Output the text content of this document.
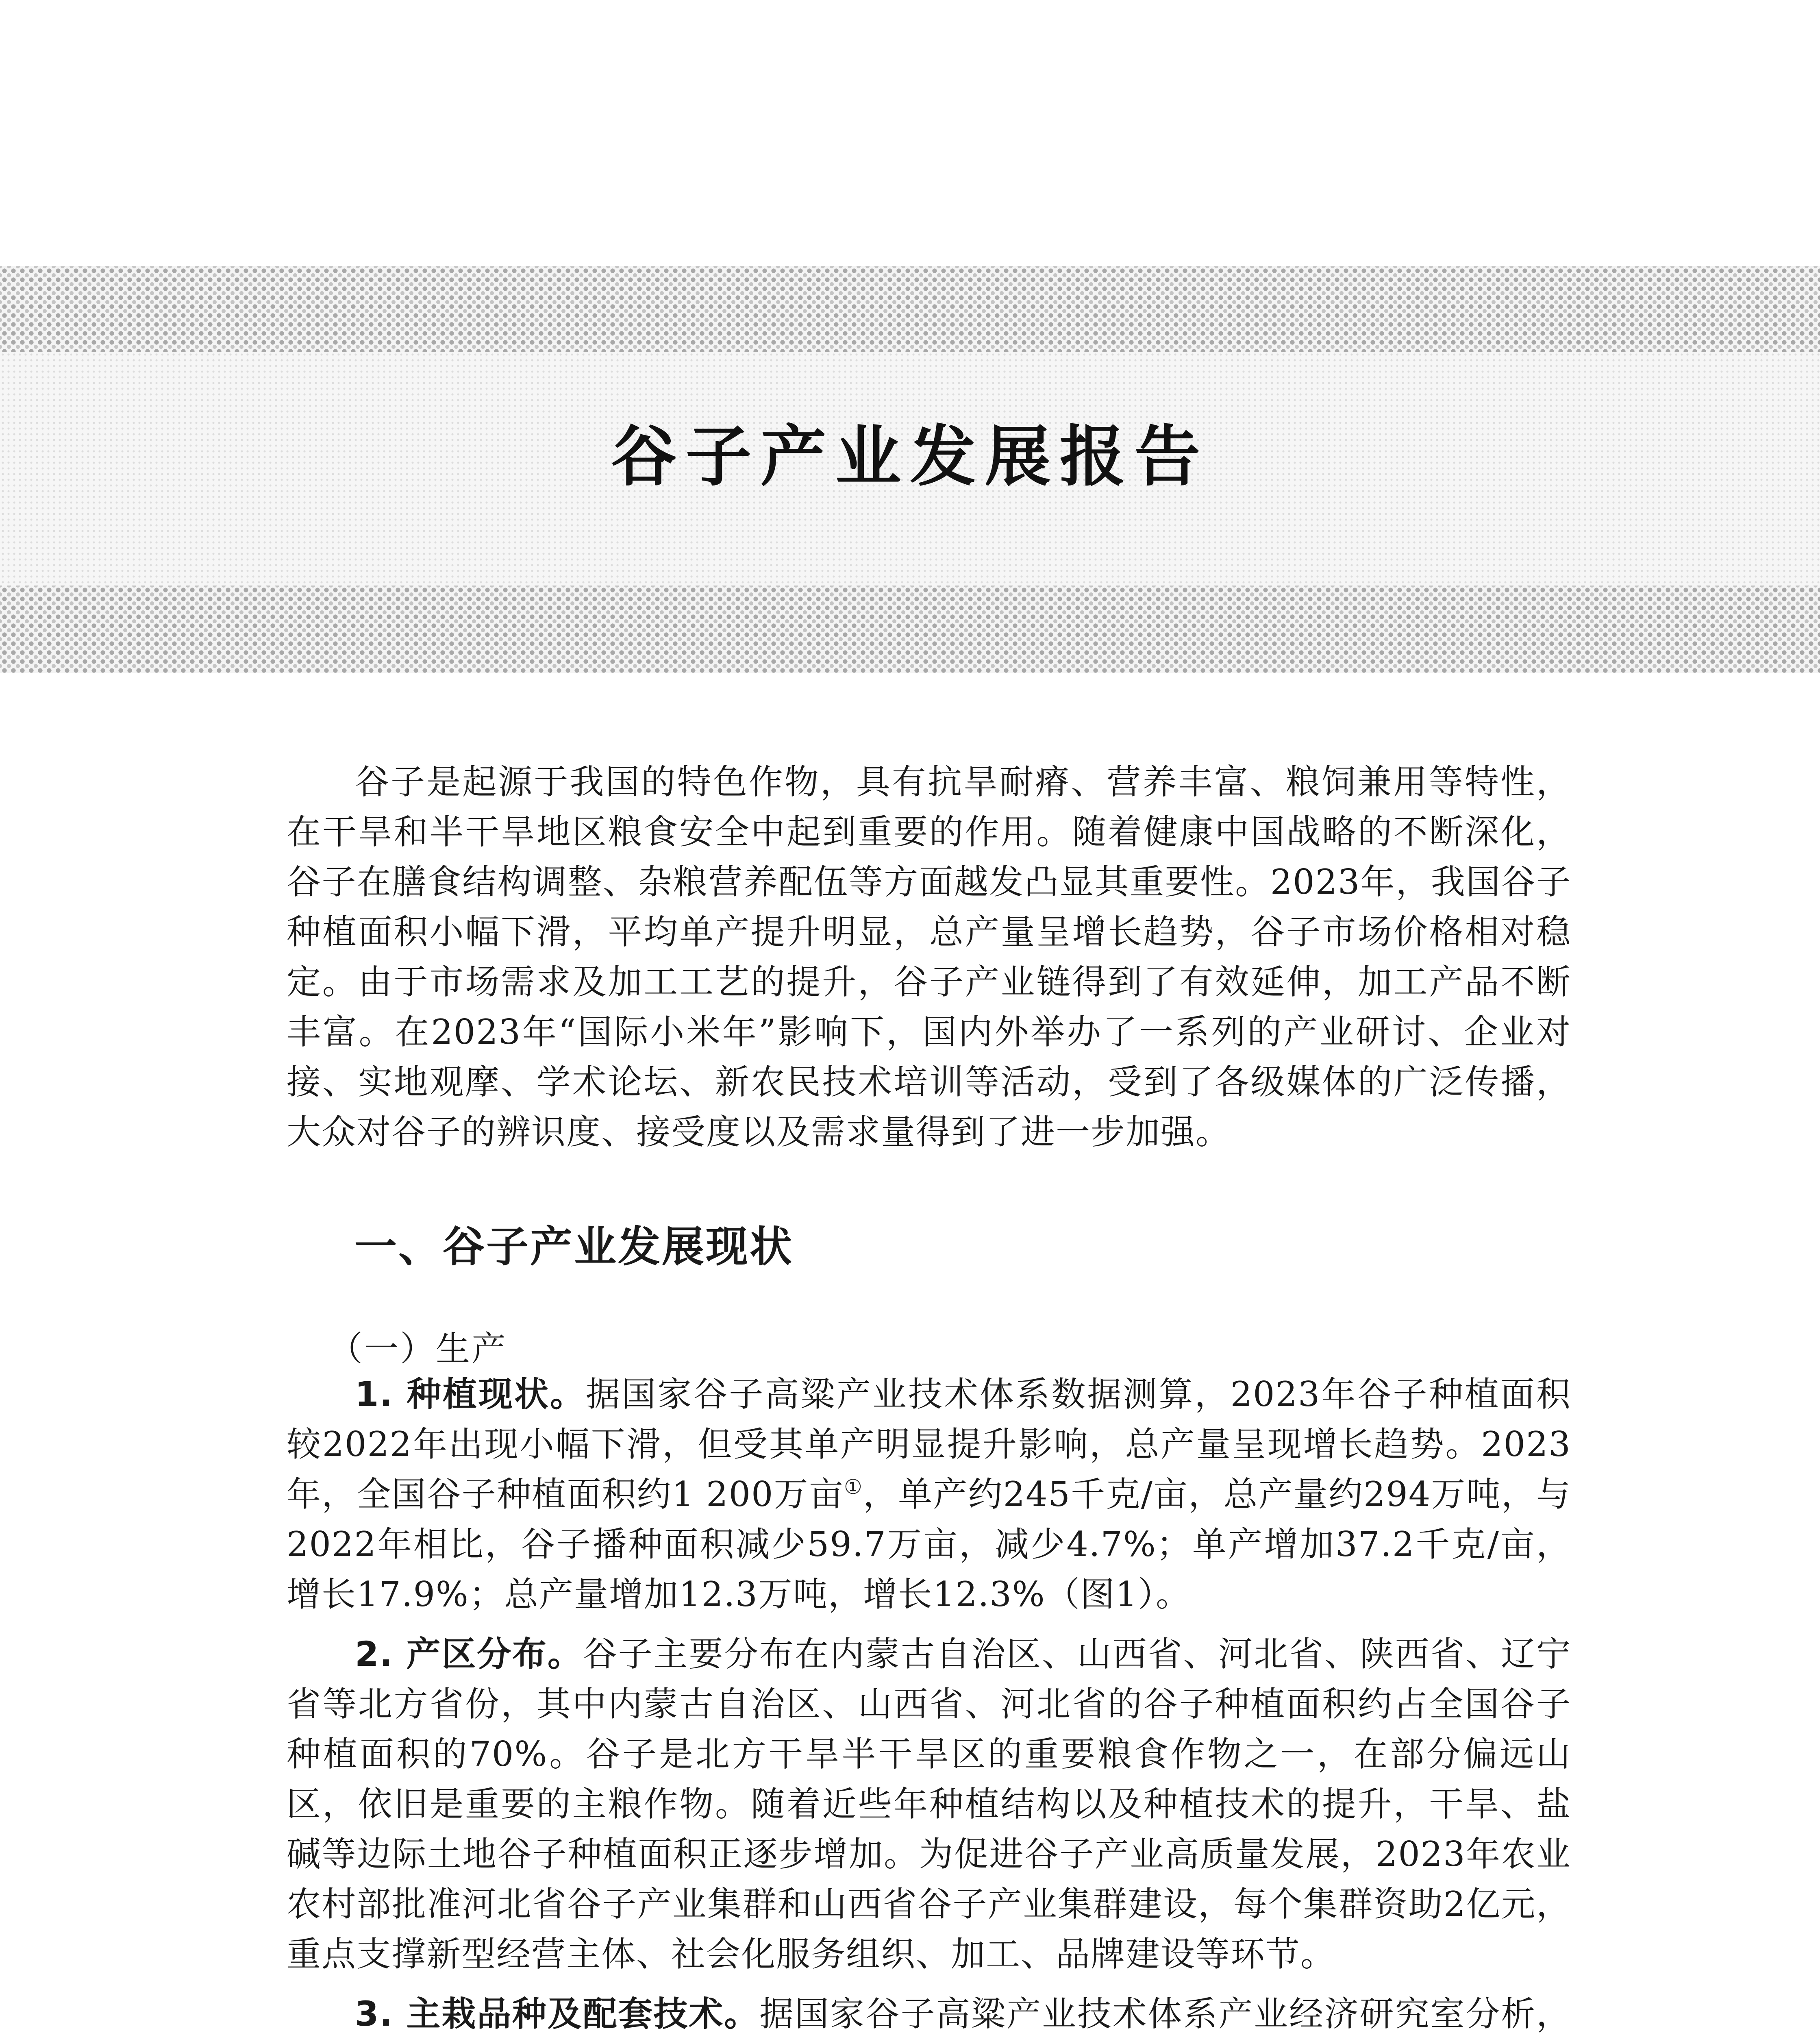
谷子产业发展报告

谷子是起源于我国的特色作物，具有抗旱耐瘠、营养丰富、粮饲兼用等特性，在干旱和半干旱地区粮食安全中起到重要的作用。随着健康中国战略的不断深化，谷子在膳食结构调整、杂粮营养配伍等方面越发凸显其重要性。2023年，我国谷子种植面积小幅下滑，平均单产提升明显，总产量呈增长趋势，谷子市场价格相对稳定。由于市场需求及加工工艺的提升，谷子产业链得到了有效延伸，加工产品不断丰富。在2023年“国际小米年”影响下，国内外举办了一系列的产业研讨、企业对接、实地观摩、学术论坛、新农民技术培训等活动，受到了各级媒体的广泛传播，大众对谷子的辨识度、接受度以及需求量得到了进一步加强。

一、谷子产业发展现状
（一）生产

1. 种植现状。据国家谷子高粱产业技术体系数据测算，2023年谷子种植面积较2022年出现小幅下滑，但受其单产明显提升影响，总产量呈现增长趋势。2023年，全国谷子种植面积约1 200万亩①，单产约245千克/亩，总产量约294万吨，与2022年相比，谷子播种面积减少59.7万亩，减少4.7%；单产增加37.2千克/亩，增长17.9%；总产量增加12.3万吨，增长12.3%（图1）。

2. 产区分布。谷子主要分布在内蒙古自治区、山西省、河北省、陕西省、辽宁省等北方省份，其中内蒙古自治区、山西省、河北省的谷子种植面积约占全国谷子种植面积的70%。谷子是北方干旱半干旱区的重要粮食作物之一，在部分偏远山区，依旧是重要的主粮作物。随着近些年种植结构以及种植技术的提升，干旱、盐碱等边际土地谷子种植面积正逐步增加。为促进谷子产业高质量发展，2023年农业农村部批准河北省谷子产业集群和山西省谷子产业集群建设，每个集群资助2亿元，重点支撑新型经营主体、社会化服务组织、加工、品牌建设等环节。

3. 主栽品种及配套技术。据国家谷子高粱产业技术体系产业经济研究室分析，
